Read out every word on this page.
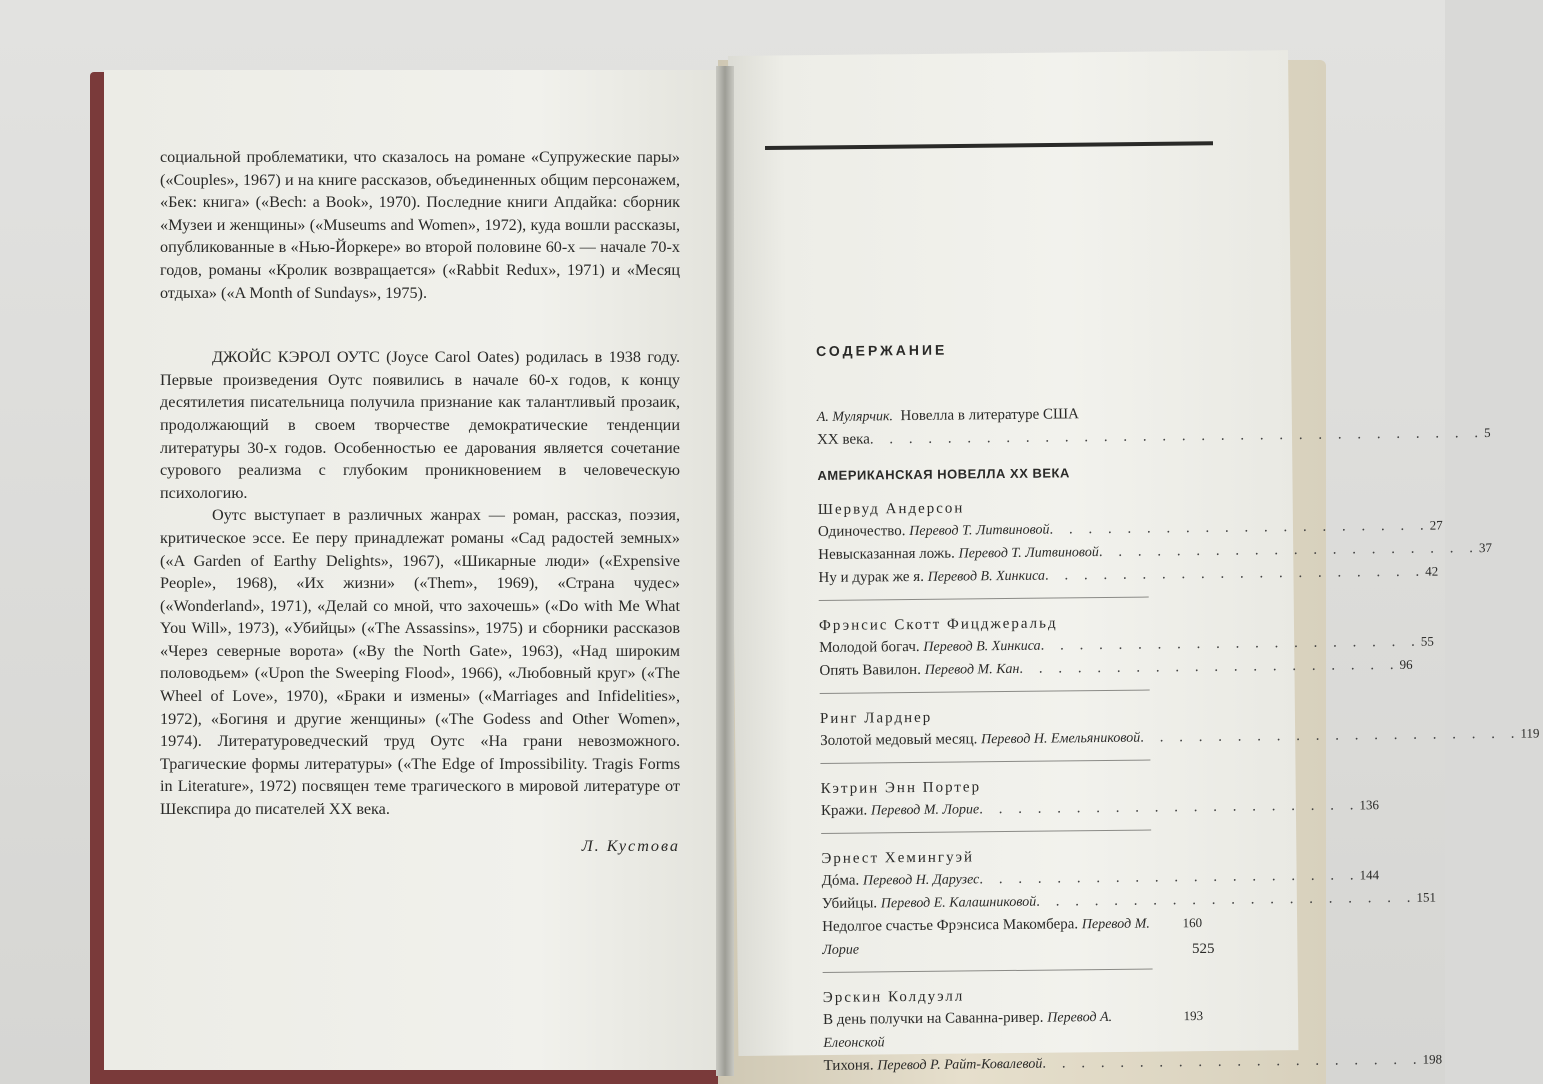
социальной проблематики, что сказалось на романе «Супружеские пары» («Couples», 1967) и на книге рассказов, объединенных общим персонажем, «Бек: книга» («Bech: a Book», 1970). Последние книги Апдайка: сборник «Музеи и женщины» («Museums and Women», 1972), куда вошли рассказы, опубликованные в «Нью-Йоркере» во второй половине 60-х — начале 70-х годов, романы «Кролик возвращается» («Rabbit Redux», 1971) и «Месяц отдыха» («A Month of Sundays», 1975).

ДЖОЙС КЭРОЛ ОУТС (Joyce Carol Oates) родилась в 1938 году. Первые произведения Оутс появились в начале 60-х годов, к концу десятилетия писательница получила признание как талантливый прозаик, продолжающий в своем творчестве демократические тенденции литературы 30-х годов. Особенностью ее дарования является сочетание сурового реализма с глубоким проникновением в человеческую психологию.

Оутс выступает в различных жанрах — роман, рассказ, поэзия, критическое эссе. Ее перу принадлежат романы «Сад радостей земных» («A Garden of Earthy Delights», 1967), «Шикарные люди» («Expensive People», 1968), «Их жизни» («Them», 1969), «Страна чудес» («Wonderland», 1971), «Делай со мной, что захочешь» («Do with Me What You Will», 1973), «Убийцы» («The Assassins», 1975) и сборники рассказов «Через северные ворота» («By the North Gate», 1963), «Над широким половодьем» («Upon the Sweeping Flood», 1966), «Любовный круг» («The Wheel of Love», 1970), «Браки и измены» («Marriages and Infidelities», 1972), «Богиня и другие женщины» («The Godess and Other Women», 1974). Литературоведческий труд Оутс «На грани невозможного. Трагические формы литературы» («The Edge of Impossibility. Tragis Forms in Literature», 1972) посвящен теме трагического в мировой литературе от Шекспира до писателей XX века.

Л. Кустова
СОДЕРЖАНИЕ
А. Мулярчик. Новелла в литературе США
XX века . . . . . . . . . . . . . . . . . . . . . . . . . . . . . . . . 5
АМЕРИКАНСКАЯ НОВЕЛЛА XX ВЕКА
Шервуд Андерсон
Одиночество. Перевод Т. Литвиновой . . . . . . . . . . . . . . . . . . . . 27
Невысказанная ложь. Перевод Т. Литвиновой . . . . . . . . . . . . . . . . . . . . 37
Ну и дурак же я. Перевод В. Хинкиса . . . . . . . . . . . . . . . . . . . . 42
Фрэнсис Скотт Фицджеральд
Молодой богач. Перевод В. Хинкиса . . . . . . . . . . . . . . . . . . . . 55
Опять Вавилон. Перевод М. Кан . . . . . . . . . . . . . . . . . . . . 96
Ринг Ларднер
Золотой медовый месяц. Перевод Н. Емельяниковой . . . . . . . . . . . . . . . . . . . . 119
Кэтрин Энн Портер
Кражи. Перевод М. Лорие . . . . . . . . . . . . . . . . . . . . 136
Эрнест Хемингуэй
Дóма. Перевод Н. Дарузес . . . . . . . . . . . . . . . . . . . . 144
Убийцы. Перевод Е. Калашниковой . . . . . . . . . . . . . . . . . . . . 151
Недолгое счастье Фрэнсиса Макомбера. Перевод М. Лорие
160
Эрскин Колдуэлл
В день получки на Саванна-ривер. Перевод А. Елеонской
193
Тихоня. Перевод Р. Райт-Ковалевой . . . . . . . . . . . . . . . . . . . . 198
525
